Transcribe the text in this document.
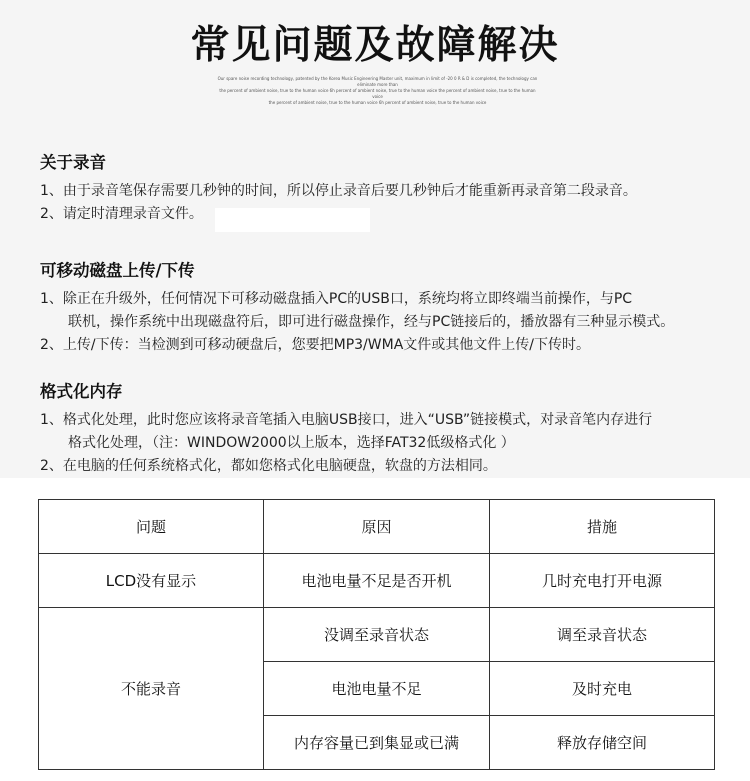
常见问题及故障解决
Our spare noise recording technology, patented by the Korea Music Engineering Master unit, maximum in limit of -20 0 R & D is completed, the technology can eliminate more than
the percent of ambient noise, true to the human voice 6h percent of ambient noise, true to the human voice the percent of ambient noise, true to the human voice
the percent of ambient noise, true to the human voice 6h percent of ambient noise, true to the human voice
关于录音
1、由于录音笔保存需要几秒钟的时间，所以停止录音后要几秒钟后才能重新再录音第二段录音。
2、请定时清理录音文件。
可移动磁盘上传/下传
1、除正在升级外，任何情况下可移动磁盘插入PC的USB口，系统均将立即终端当前操作，与PC
联机，操作系统中出现磁盘符后，即可进行磁盘操作，经与PC链接后的，播放器有三种显示模式。
2、上传/下传：当检测到可移动硬盘后，您要把MP3/WMA文件或其他文件上传/下传时。
格式化内存
1、格式化处理，此时您应该将录音笔插入电脑USB接口，进入“USB”链接模式，对录音笔内存进行
格式化处理，（注：WINDOW2000以上版本，选择FAT32低级格式化 ）
2、在电脑的任何系统格式化，都如您格式化电脑硬盘，软盘的方法相同。
问题	原因	措施
LCD没有显示	电池电量不足是否开机	几时充电打开电源
不能录音	没调至录音状态	调至录音状态
	电池电量不足	及时充电
	内存容量已到集显或已满	释放存储空间
